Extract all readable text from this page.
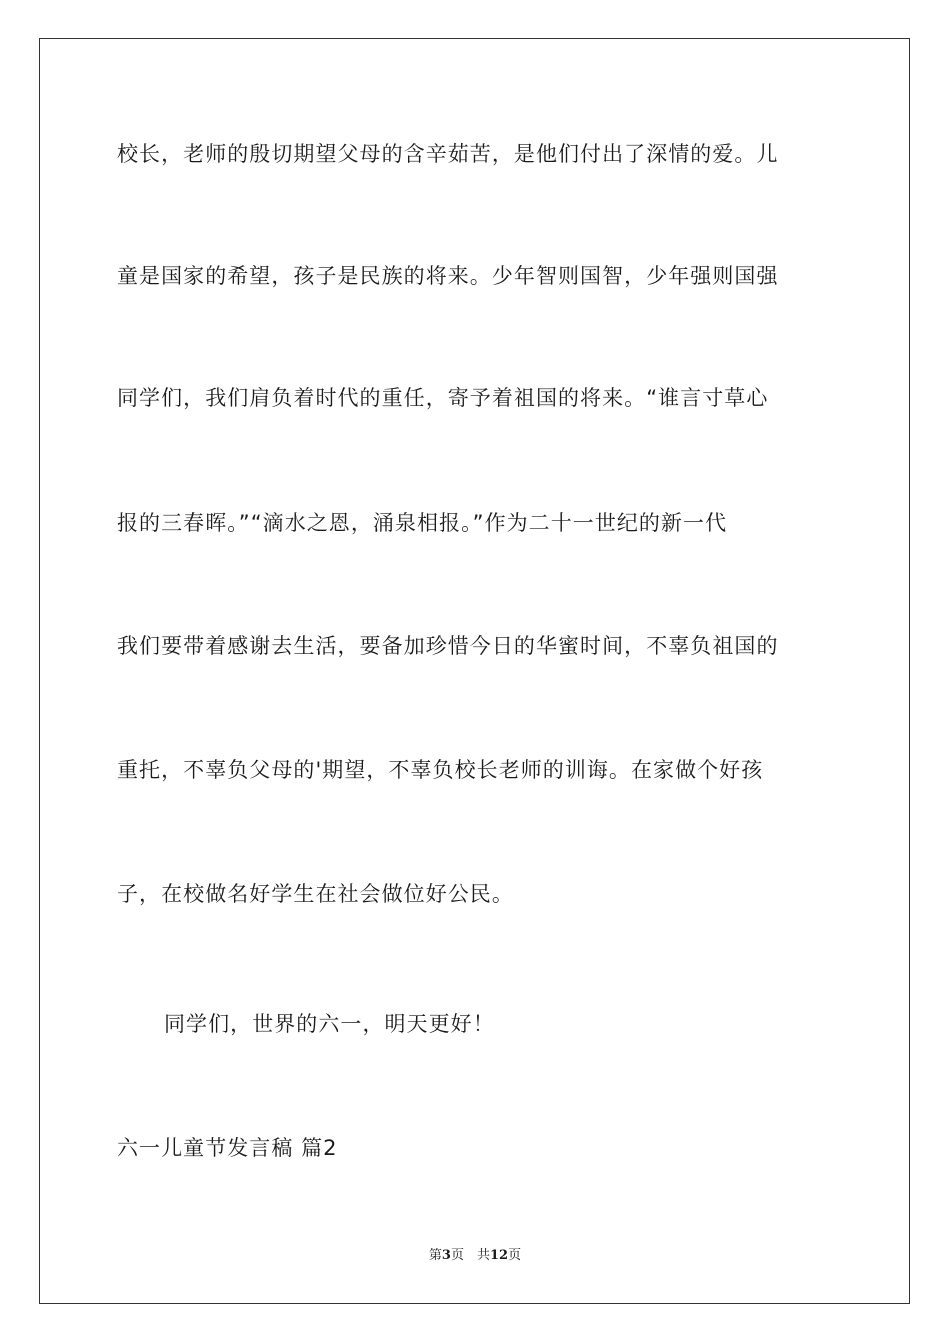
校长，老师的殷切期望父母的含辛茹苦，是他们付出了深情的爱。儿
童是国家的希望，孩子是民族的将来。少年智则国智，少年强则国强
同学们，我们肩负着时代的重任，寄予着祖国的将来。“谁言寸草心
报的三春晖。”“滴水之恩，涌泉相报。”作为二十一世纪的新一代
我们要带着感谢去生活，要备加珍惜今日的华蜜时间，不辜负祖国的
重托，不辜负父母的'期望，不辜负校长老师的训诲。在家做个好孩
子，在校做名好学生在社会做位好公民。
同学们，世界的六一，明天更好！
六一儿童节发言稿 篇2
第3页　共12页
